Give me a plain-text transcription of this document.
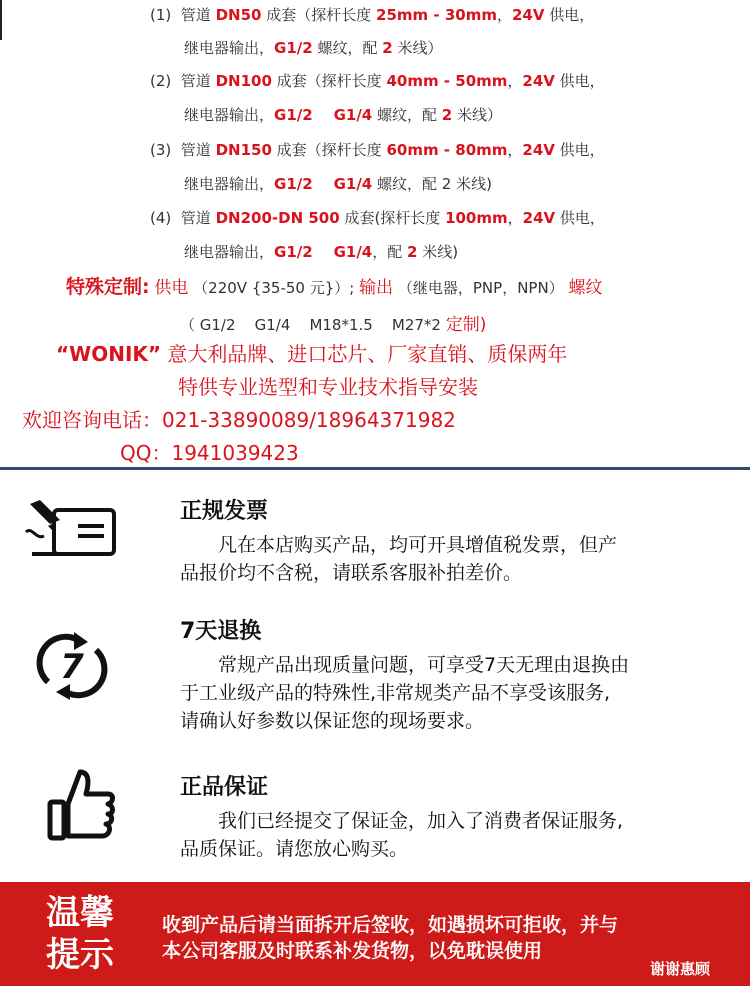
(1) 管道 DN50 成套（探杆长度 25mm - 30mm，24V 供电，
继电器输出，G1/2 螺纹，配 2 米线）
(2) 管道 DN100 成套（探杆长度 40mm - 50mm，24V 供电，
继电器输出，G1/2    G1/4 螺纹，配 2 米线）
(3) 管道 DN150 成套（探杆长度 60mm - 80mm，24V 供电，
继电器输出，G1/2    G1/4 螺纹，配 2 米线)
(4) 管道 DN200-DN 500 成套(探杆长度 100mm，24V 供电，
继电器输出，G1/2    G1/4，配 2 米线)
特殊定制: 供电 （220V {35-50 元}）; 输出 （继电器，PNP，NPN） 螺纹
（ G1/2    G1/4    M18*1.5    M27*2 定制)
“WONIK” 意大利品牌、进口芯片、厂家直销、质保两年
特供专业选型和专业技术指导安装
欢迎咨询电话：021-33890089/18964371982
QQ：1941039423
正规发票
　　凡在本店购买产品，均可开具增值税发票，但产
品报价均不含税，请联系客服补拍差价。
7
7天退换
　　常规产品出现质量问题，可享受7天无理由退换由
于工业级产品的特殊性,非常规类产品不享受该服务,
请确认好参数以保证您的现场要求。
正品保证
　　我们已经提交了保证金，加入了消费者保证服务,
品质保证。请您放心购买。
温馨
提示
收到产品后请当面拆开后签收，如遇损坏可拒收，并与
本公司客服及时联系补发货物，以免耽误使用
谢谢惠顾
